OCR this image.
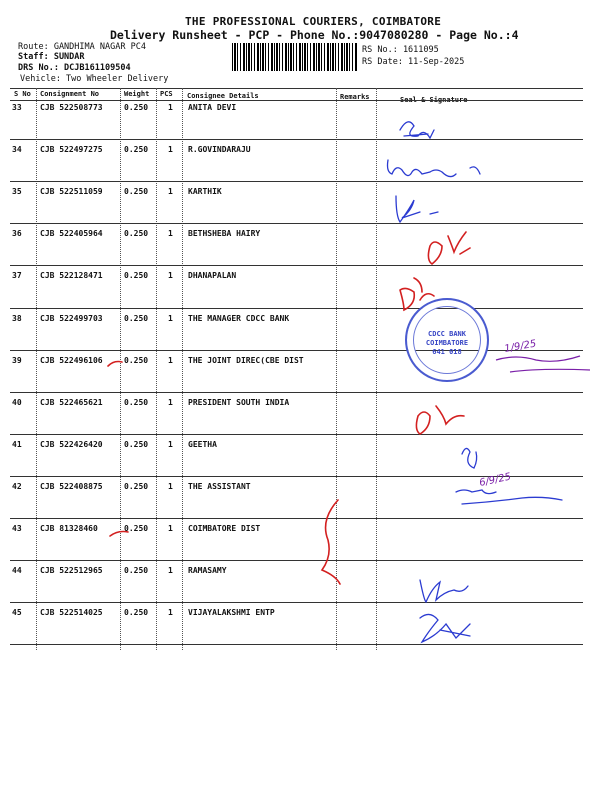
THE PROFESSIONAL COURIERS, COIMBATORE
Delivery Runsheet - PCP - Phone No.:9047080280 - Page No.:4
Route: GANDHIMA NAGAR PC4
Staff: SUNDAR
DRS No.: DCJB161109504
Vehicle: Two Wheeler Delivery
RS No.: 1611095
RS Date: 11-Sep-2025
S No Consignment No	Weight PCS Consignee Details	Remarks	Seal & Signature
33 CJB 522508773	0.250 1 ANITA DEVI
34 CJB 522497275	0.250 1 R.GOVINDARAJU
35 CJB 522511059	0.250 1 KARTHIK
36 CJB 522405964	0.250 1 BETHSHEBA HAIRY
37 CJB 522128471	0.250 1 DHANAPALAN
38 CJB 522499703	0.250 1 THE MANAGER CDCC BANK
39 CJB 522496106	0.250 1 THE JOINT DIREC(CBE DIST
40 CJB 522465621	0.250 1 PRESIDENT SOUTH INDIA
41 CJB 522426420	0.250 1 GEETHA
42 CJB 522408875	0.250 1 THE ASSISTANT
43 CJB 81328460	0.250 1 COIMBATORE DIST
44 CJB 522512965	0.250 1 RAMASAMY
45 CJB 522514025	0.250 1 VIJAYALAKSHMI ENTP
CDCC BANK COIMBATORE 641 018	1/9/25
6/9/25
